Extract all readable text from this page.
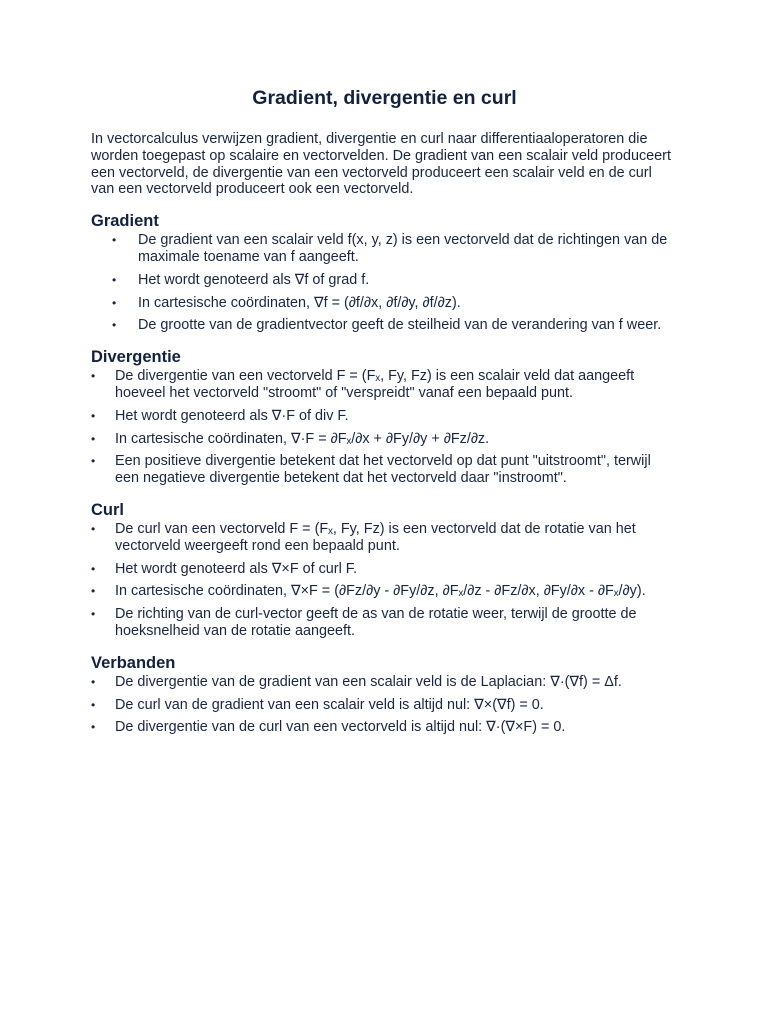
Gradient, divergentie en curl

In vectorcalculus verwijzen gradient, divergentie en curl naar differentiaaloperatoren die worden toegepast op scalaire en vectorvelden. De gradient van een scalair veld produceert een vectorveld, de divergentie van een vectorveld produceert een scalair veld en de curl van een vectorveld produceert ook een vectorveld.

Gradient
• De gradient van een scalair veld f(x, y, z) is een vectorveld dat de richtingen van de maximale toename van f aangeeft.
• Het wordt genoteerd als ∇f of grad f.
• In cartesische coördinaten, ∇f = (∂f/∂x, ∂f/∂y, ∂f/∂z).
• De grootte van de gradientvector geeft de steilheid van de verandering van f weer.
Divergentie
• De divergentie van een vectorveld F = (Fₓ, Fy, Fz) is een scalair veld dat aangeeft hoeveel het vectorveld "stroomt" of "verspreidt" vanaf een bepaald punt.
• Het wordt genoteerd als ∇·F of div F.
• In cartesische coördinaten, ∇·F = ∂Fₓ/∂x + ∂Fy/∂y + ∂Fz/∂z.
• Een positieve divergentie betekent dat het vectorveld op dat punt "uitstroomt", terwijl een negatieve divergentie betekent dat het vectorveld daar "instroomt".
Curl
• De curl van een vectorveld F = (Fₓ, Fy, Fz) is een vectorveld dat de rotatie van het vectorveld weergeeft rond een bepaald punt.
• Het wordt genoteerd als ∇×F of curl F.
• In cartesische coördinaten, ∇×F = (∂Fz/∂y - ∂Fy/∂z, ∂Fₓ/∂z - ∂Fz/∂x, ∂Fy/∂x - ∂Fₓ/∂y).
• De richting van de curl-vector geeft de as van de rotatie weer, terwijl de grootte de hoeksnelheid van de rotatie aangeeft.
Verbanden
• De divergentie van de gradient van een scalair veld is de Laplacian: ∇·(∇f) = Δf.
• De curl van de gradient van een scalair veld is altijd nul: ∇×(∇f) = 0.
• De divergentie van de curl van een vectorveld is altijd nul: ∇·(∇×F) = 0.
